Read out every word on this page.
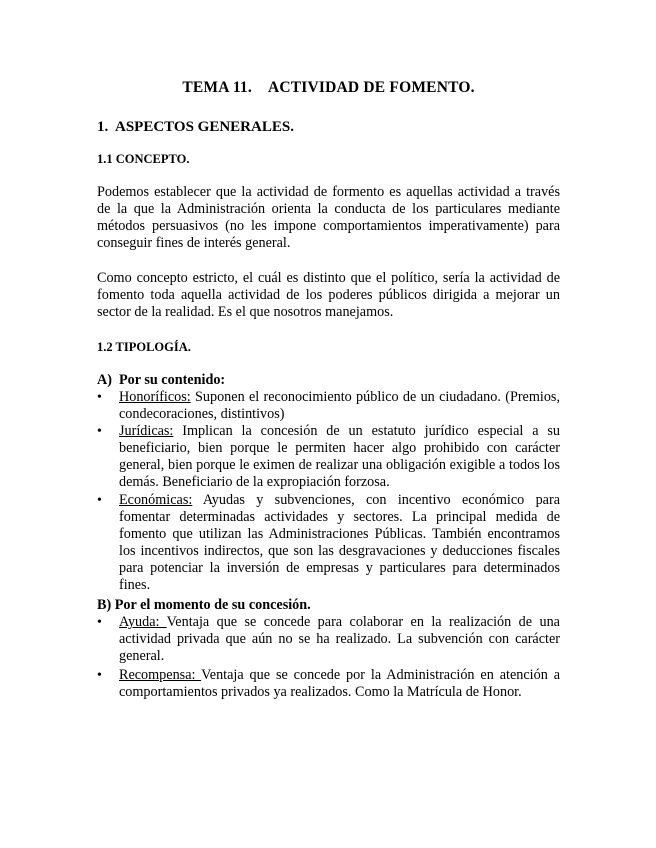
TEMA 11. ACTIVIDAD DE FOMENTO.
1. ASPECTOS GENERALES.
1.1 CONCEPTO.
Podemos establecer que la actividad de formento es aquellas actividad a través de la que la Administración orienta la conducta de los particulares mediante métodos persuasivos (no les impone comportamientos imperativamente) para conseguir fines de interés general.
Como concepto estricto, el cuál es distinto que el político, sería la actividad de fomento toda aquella actividad de los poderes públicos dirigida a mejorar un sector de la realidad. Es el que nosotros manejamos.
1.2 TIPOLOGÍA.
A) Por su contenido:
•	Honoríficos: Suponen el reconocimiento público de un ciudadano. (Premios, condecoraciones, distintivos)
•	Jurídicas: Implican la concesión de un estatuto jurídico especial a su beneficiario, bien porque le permiten hacer algo prohibido con carácter general, bien porque le eximen de realizar una obligación exigible a todos los demás. Beneficiario de la expropiación forzosa.
•	Económicas: Ayudas y subvenciones, con incentivo económico para fomentar determinadas actividades y sectores. La principal medida de fomento que utilizan las Administraciones Públicas. También encontramos los incentivos indirectos, que son las desgravaciones y deducciones fiscales para potenciar la inversión de empresas y particulares para determinados fines.
B) Por el momento de su concesión.
•	Ayuda: Ventaja que se concede para colaborar en la realización de una actividad privada que aún no se ha realizado. La subvención con carácter general.
•	Recompensa: Ventaja que se concede por la Administración en atención a comportamientos privados ya realizados. Como la Matrícula de Honor.
